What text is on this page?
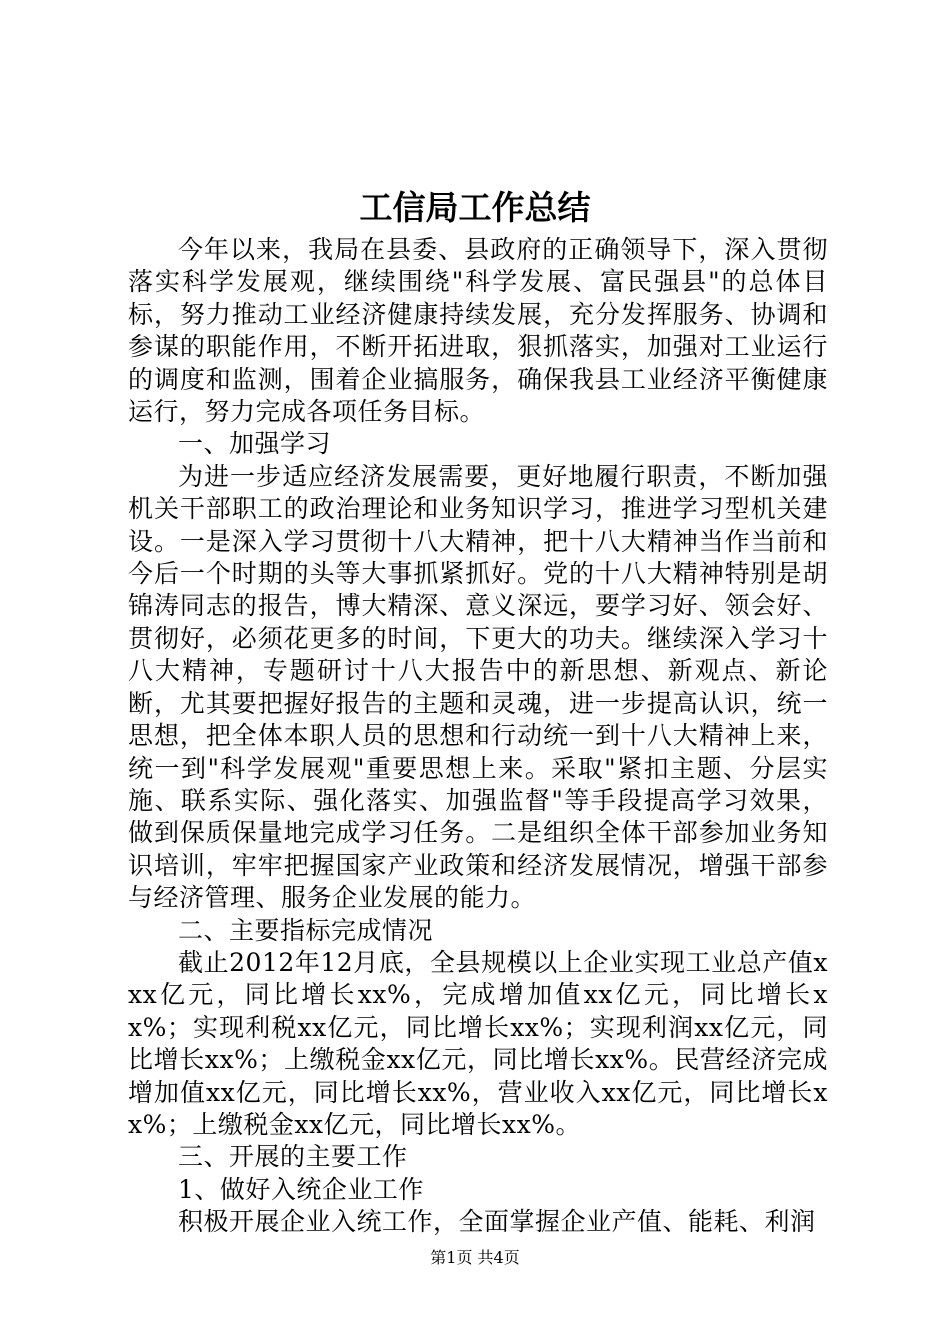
工信局工作总结

今年以来，我局在县委、县政府的正确领导下，深入贯彻落实科学发展观，继续围绕"科学发展、富民强县"的总体目标，努力推动工业经济健康持续发展，充分发挥服务、协调和参谋的职能作用，不断开拓进取，狠抓落实，加强对工业运行的调度和监测，围着企业搞服务，确保我县工业经济平衡健康运行，努力完成各项任务目标。

一、加强学习

为进一步适应经济发展需要，更好地履行职责，不断加强机关干部职工的政治理论和业务知识学习，推进学习型机关建设。一是深入学习贯彻十八大精神，把十八大精神当作当前和今后一个时期的头等大事抓紧抓好。党的十八大精神特别是胡锦涛同志的报告，博大精深、意义深远，要学习好、领会好、贯彻好，必须花更多的时间，下更大的功夫。继续深入学习十八大精神，专题研讨十八大报告中的新思想、新观点、新论断，尤其要把握好报告的主题和灵魂，进一步提高认识，统一思想，把全体本职人员的思想和行动统一到十八大精神上来，统一到"科学发展观"重要思想上来。采取"紧扣主题、分层实施、联系实际、强化落实、加强监督"等手段提高学习效果，做到保质保量地完成学习任务。二是组织全体干部参加业务知识培训，牢牢把握国家产业政策和经济发展情况，增强干部参与经济管理、服务企业发展的能力。

二、主要指标完成情况

截止2012年12月底，全县规模以上企业实现工业总产值xxx亿元，同比增长xx%，完成增加值xx亿元，同比增长xx%；实现利税xx亿元，同比增长xx%；实现利润xx亿元，同比增长xx%；上缴税金xx亿元，同比增长xx%。民营经济完成增加值xx亿元，同比增长xx%，营业收入xx亿元，同比增长xx%；上缴税金xx亿元，同比增长xx%。

三、开展的主要工作

1、做好入统企业工作

积极开展企业入统工作，全面掌握企业产值、能耗、利润

第1页 共4页
